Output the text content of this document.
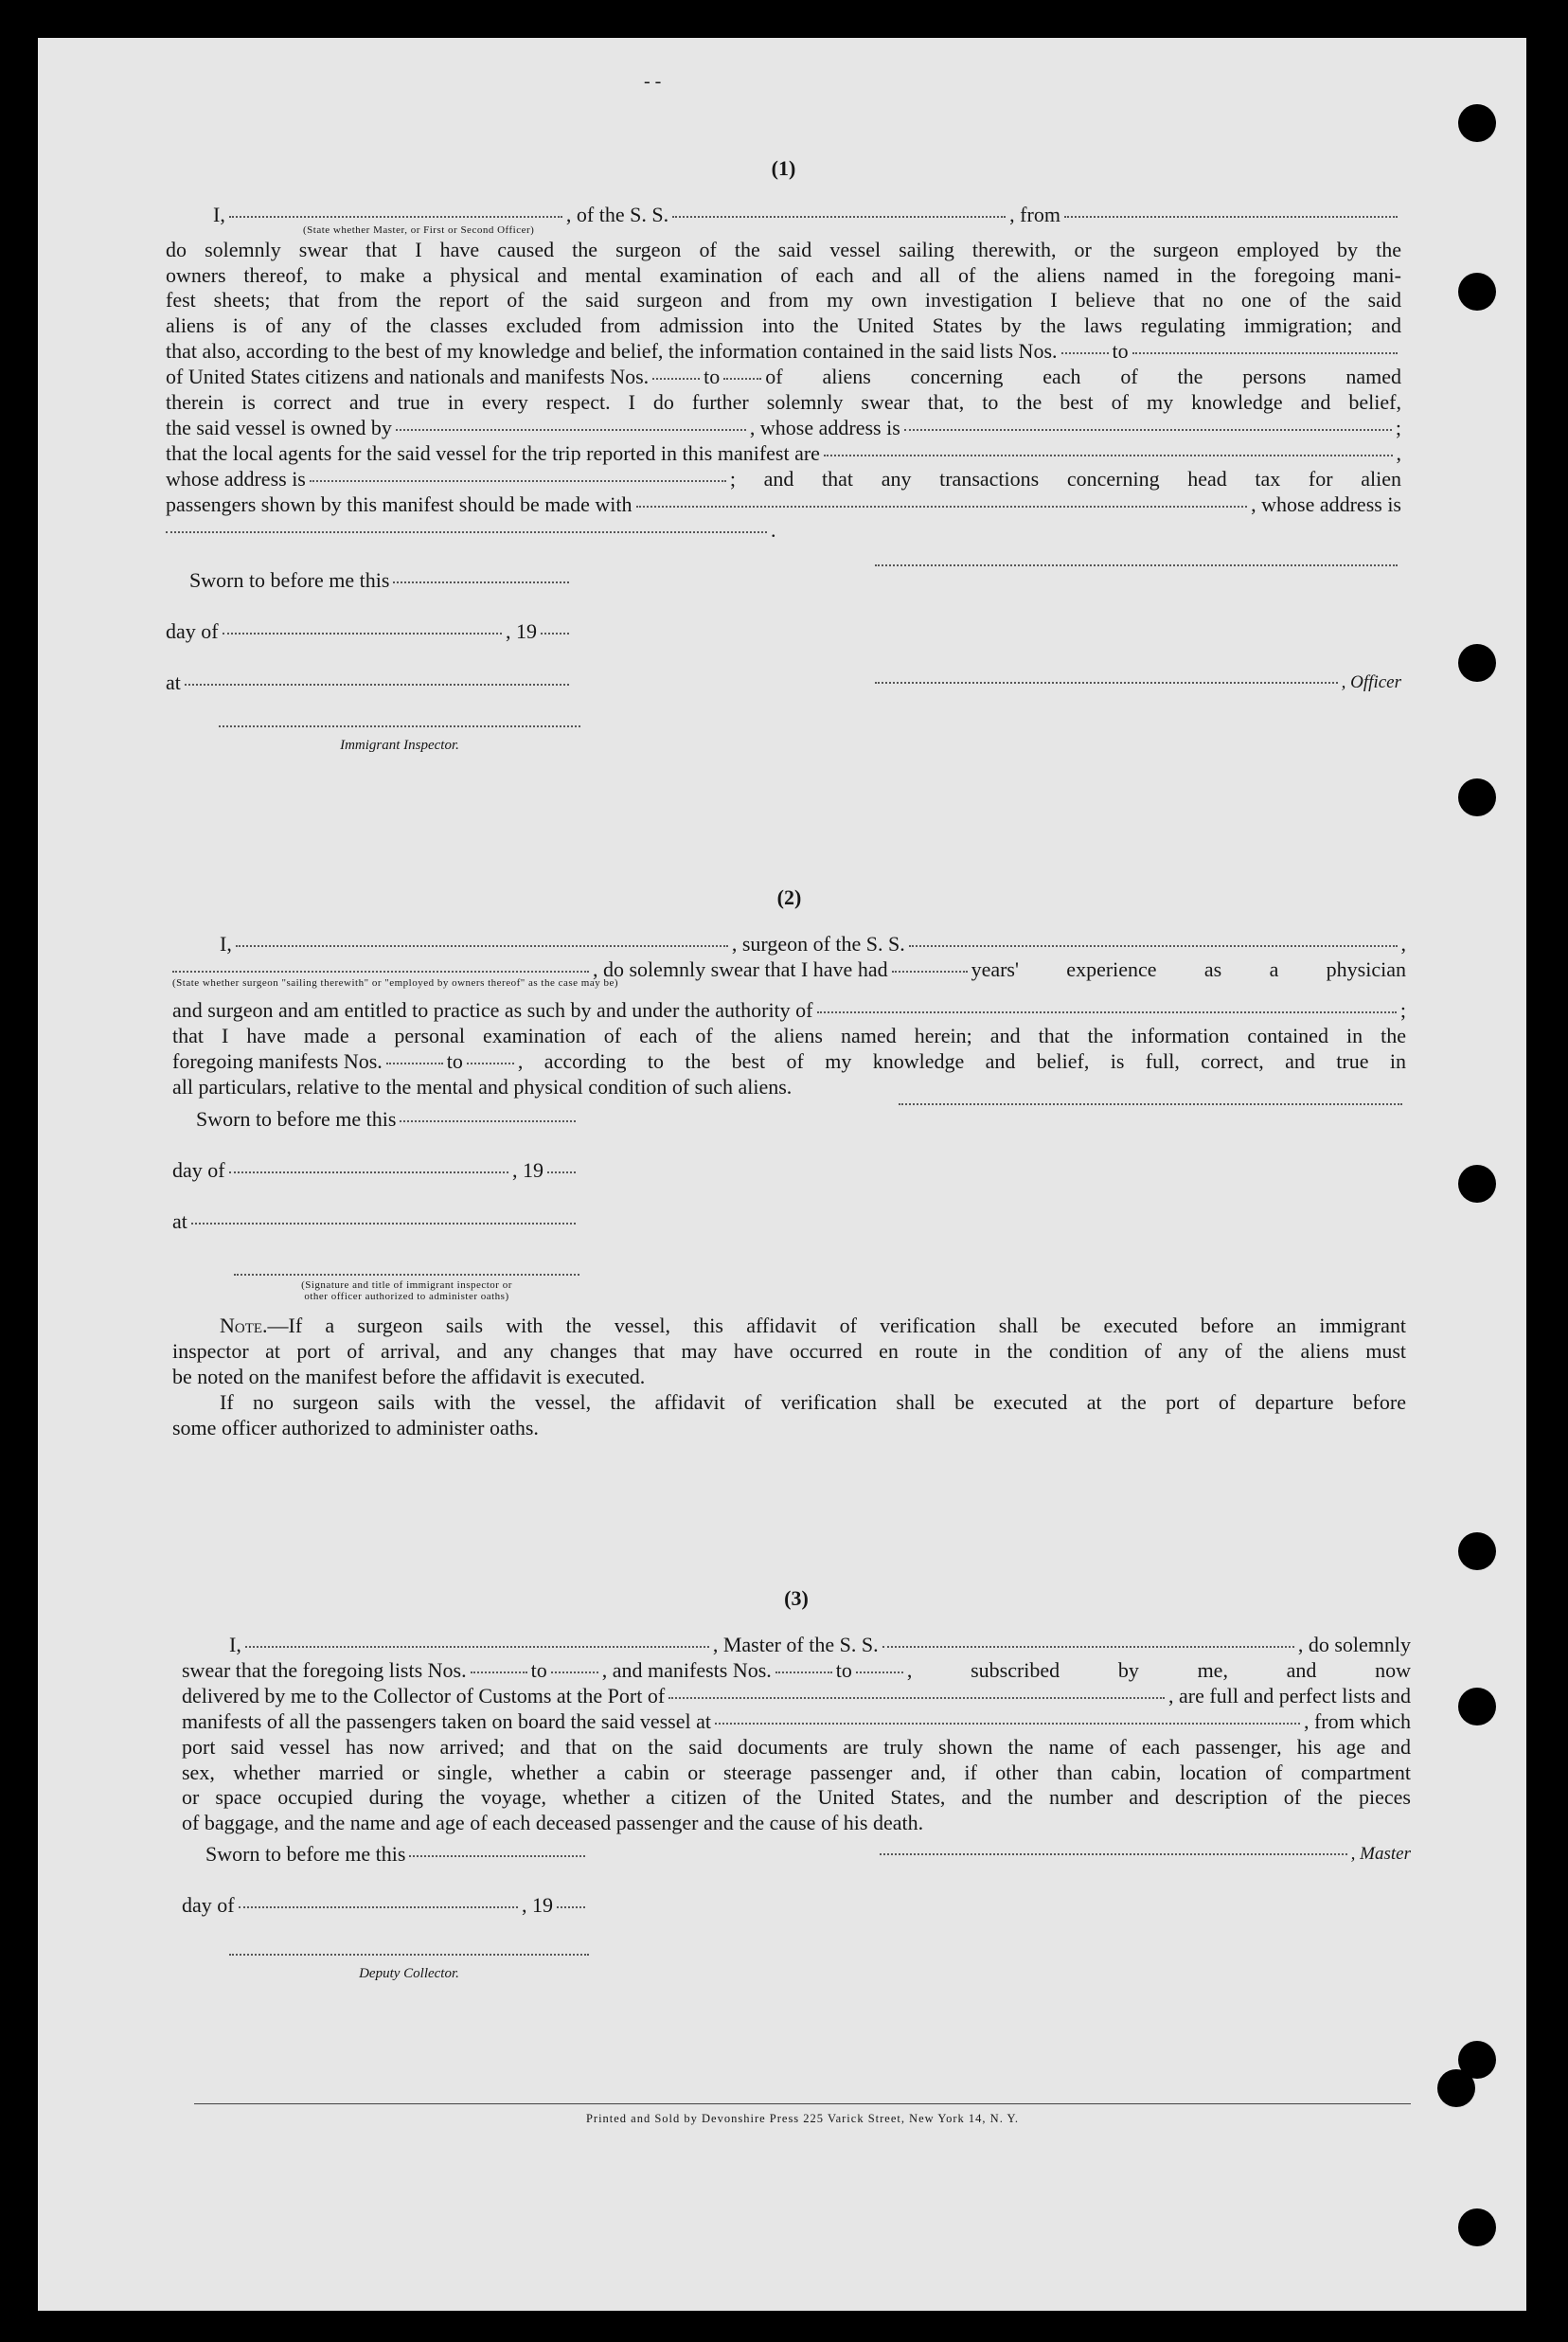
- -
(1)
I,	, of the S. S.	, from
(State whether Master, or First or Second Officer)
do solemnly swear that I have caused the surgeon of the said vessel sailing therewith, or the surgeon employed by the
owners thereof, to make a physical and mental examination of each and all of the aliens named in the foregoing mani-
fest sheets; that from the report of the said surgeon and from my own investigation I believe that no one of the said
aliens is of any of the classes excluded from admission into the United States by the laws regulating immigration; and
that also, according to the best of my knowledge and belief, the information contained in the said lists Nos.	to
of United States citizens and nationals and manifests Nos.	to of aliens concerning each of the persons named
therein is correct and true in every respect. I do further solemnly swear that, to the best of my knowledge and belief,
the said vessel is owned by	, whose address is	;
that the local agents for the said vessel for the trip reported in this manifest are	,
whose address is	; and that any transactions concerning head tax for alien
passengers shown by this manifest should be made with	, whose address is
.
Sworn to before me this
day of	, 19
at
Immigrant Inspector.
, Officer
(2)
I,	, surgeon of the S. S.	,
, do solemnly swear that I have had	years' experience as a physician
(State whether surgeon "sailing therewith" or "employed by owners thereof" as the case may be)
and surgeon and am entitled to practice as such by and under the authority of	;
that I have made a personal examination of each of the aliens named herein; and that the information contained in the
foregoing manifests Nos.	to	, according to the best of my knowledge and belief, is full, correct, and true in
all particulars, relative to the mental and physical condition of such aliens.
Sworn to before me this
day of	, 19
at
(Signature and title of immigrant inspector or
other officer authorized to administer oaths)
Note.—If a surgeon sails with the vessel, this affidavit of verification shall be executed before an immigrant
inspector at port of arrival, and any changes that may have occurred en route in the condition of any of the aliens must
be noted on the manifest before the affidavit is executed.
If no surgeon sails with the vessel, the affidavit of verification shall be executed at the port of departure before
some officer authorized to administer oaths.
(3)
I,	, Master of the S. S.	, do solemnly
swear that the foregoing lists Nos.	to	, and manifests Nos.	to	, subscribed by me, and now
delivered by me to the Collector of Customs at the Port of	, are full and perfect lists and
manifests of all the passengers taken on board the said vessel at	, from which
port said vessel has now arrived; and that on the said documents are truly shown the name of each passenger, his age and
sex, whether married or single, whether a cabin or steerage passenger and, if other than cabin, location of compartment
or space occupied during the voyage, whether a citizen of the United States, and the number and description of the pieces
of baggage, and the name and age of each deceased passenger and the cause of his death.
Sworn to before me this
day of	, 19
Deputy Collector.
, Master
Printed and Sold by Devonshire Press 225 Varick Street, New York 14, N. Y.
